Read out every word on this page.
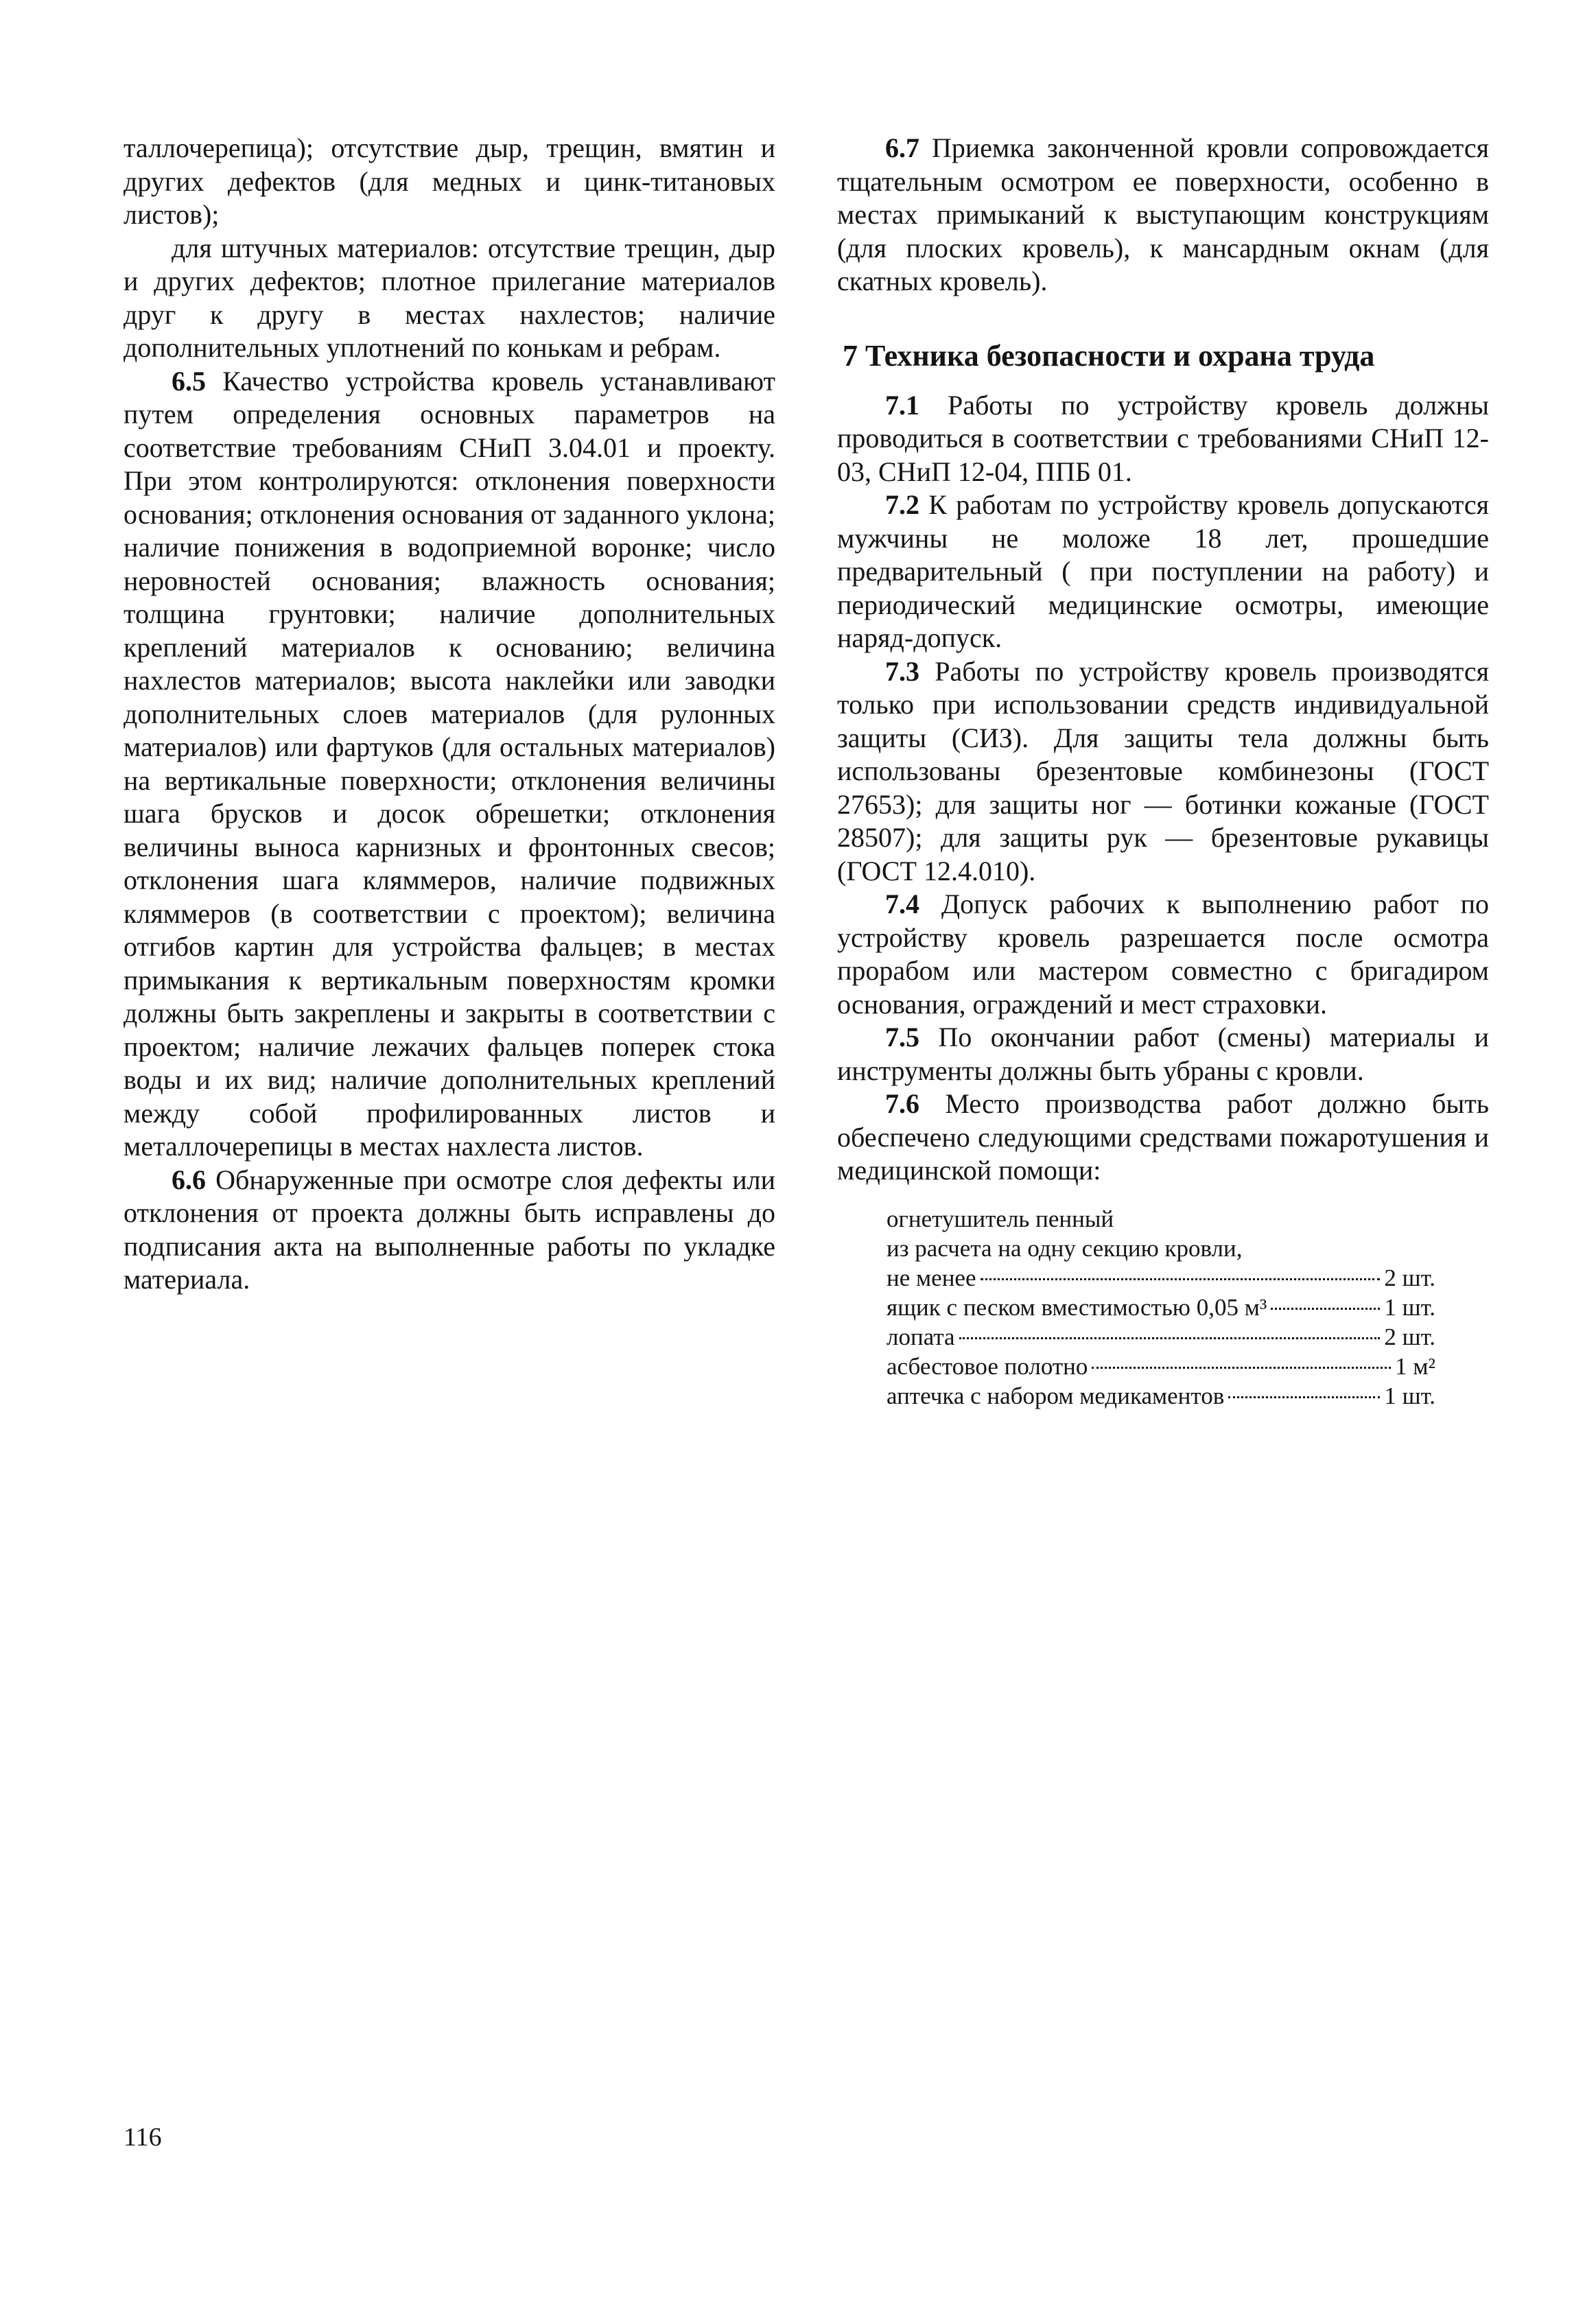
таллочерепица); отсутствие дыр, трещин, вмятин и других дефектов (для медных и цинк-титановых листов);

для штучных материалов: отсутствие трещин, дыр и других дефектов; плотное прилегание материалов друг к другу в местах нахлестов; наличие дополнительных уплотнений по конькам и ребрам.

6.5 Качество устройства кровель устанавливают путем определения основных параметров на соответствие требованиям СНиП 3.04.01 и проекту. При этом контролируются: отклонения поверхности основания; отклонения основания от заданного уклона; наличие понижения в водоприемной воронке; число неровностей основания; влажность основания; толщина грунтовки; наличие дополнительных креплений материалов к основанию; величина нахлестов материалов; высота наклейки или заводки дополнительных слоев материалов (для рулонных материалов) или фартуков (для остальных материалов) на вертикальные поверхности; отклонения величины шага брусков и досок обрешетки; отклонения величины выноса карнизных и фронтонных свесов; отклонения шага кляммеров, наличие подвижных кляммеров (в соответствии с проектом); величина отгибов картин для устройства фальцев; в местах примыкания к вертикальным поверхностям кромки должны быть закреплены и закрыты в соответствии с проектом; наличие лежачих фальцев поперек стока воды и их вид; наличие дополнительных креплений между собой профилированных листов и металлочерепицы в местах нахлеста листов.

6.6 Обнаруженные при осмотре слоя дефекты или отклонения от проекта должны быть исправлены до подписания акта на выполненные работы по укладке материала.

6.7 Приемка законченной кровли сопровождается тщательным осмотром ее поверхности, особенно в местах примыканий к выступающим конструкциям (для плоских кровель), к мансардным окнам (для скатных кровель).

7 Техника безопасности и охрана труда

7.1 Работы по устройству кровель должны проводиться в соответствии с требованиями СНиП 12-03, СНиП 12-04, ППБ 01.

7.2 К работам по устройству кровель допускаются мужчины не моложе 18 лет, прошедшие предварительный ( при поступлении на работу) и периодический медицинские осмотры, имеющие наряд-допуск.

7.3 Работы по устройству кровель производятся только при использовании средств индивидуальной защиты (СИЗ). Для защиты тела должны быть использованы брезентовые комбинезоны (ГОСТ 27653); для защиты ног — ботинки кожаные (ГОСТ 28507); для защиты рук — брезентовые рукавицы (ГОСТ 12.4.010).

7.4 Допуск рабочих к выполнению работ по устройству кровель разрешается после осмотра прорабом или мастером совместно с бригадиром основания, ограждений и мест страховки.

7.5 По окончании работ (смены) материалы и инструменты должны быть убраны с кровли.

7.6 Место производства работ должно быть обеспечено следующими средствами пожаротушения и медицинской помощи:

огнетушитель пенный
из расчета на одну секцию кровли,
не менее	2 шт.
ящик с песком вместимостью 0,05 м³	1 шт.
лопата	2 шт.
асбестовое полотно	1 м²
аптечка с набором медикаментов	1 шт.
116
